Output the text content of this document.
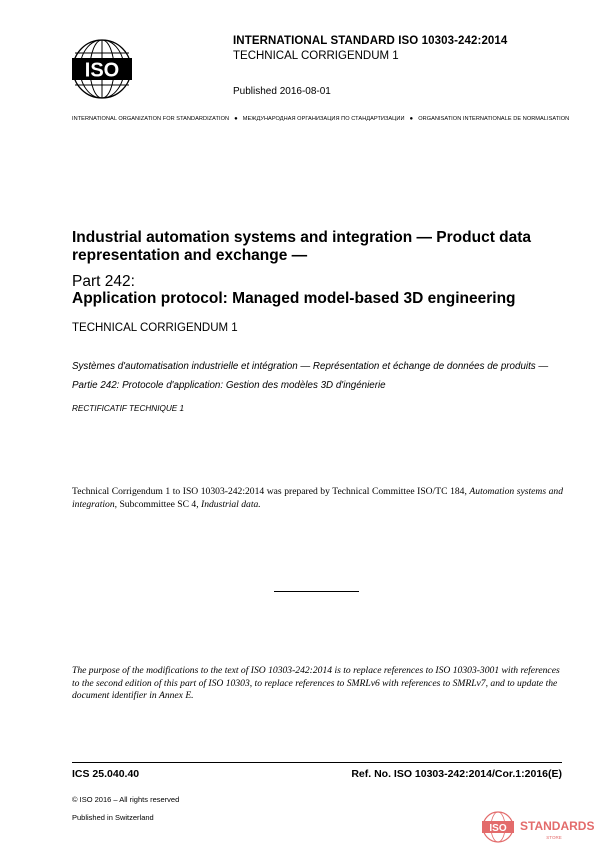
ISO
INTERNATIONAL STANDARD ISO 10303-242:2014
TECHNICAL CORRIGENDUM 1
Published 2016-08-01
INTERNATIONAL ORGANIZATION FOR STANDARDIZATION ● МЕЖДУНАРОДНАЯ ОРГАНИЗАЦИЯ ПО СТАНДАРТИЗАЦИИ ● ORGANISATION INTERNATIONALE DE NORMALISATION
Industrial automation systems and integration — Product data representation and exchange —
Part 242:
Application protocol: Managed model-based 3D engineering
TECHNICAL CORRIGENDUM 1
Systèmes d'automatisation industrielle et intégration — Représentation et échange de données de produits —
Partie 242: Protocole d'application: Gestion des modèles 3D d'ingénierie
RECTIFICATIF TECHNIQUE 1
Technical Corrigendum 1 to ISO 10303-242:2014 was prepared by Technical Committee ISO/TC 184, Automation systems and integration, Subcommittee SC 4, Industrial data.
The purpose of the modifications to the text of ISO 10303-242:2014 is to replace references to ISO 10303-3001 with references to the second edition of this part of ISO 10303, to replace references to SMRLv6 with references to SMRLv7, and to update the document identifier in Annex E.
ICS 25.040.40	Ref. No. ISO 10303-242:2014/Cor.1:2016(E)
© ISO 2016 – All rights reserved
Published in Switzerland
ISO STANDARDS
STORE
